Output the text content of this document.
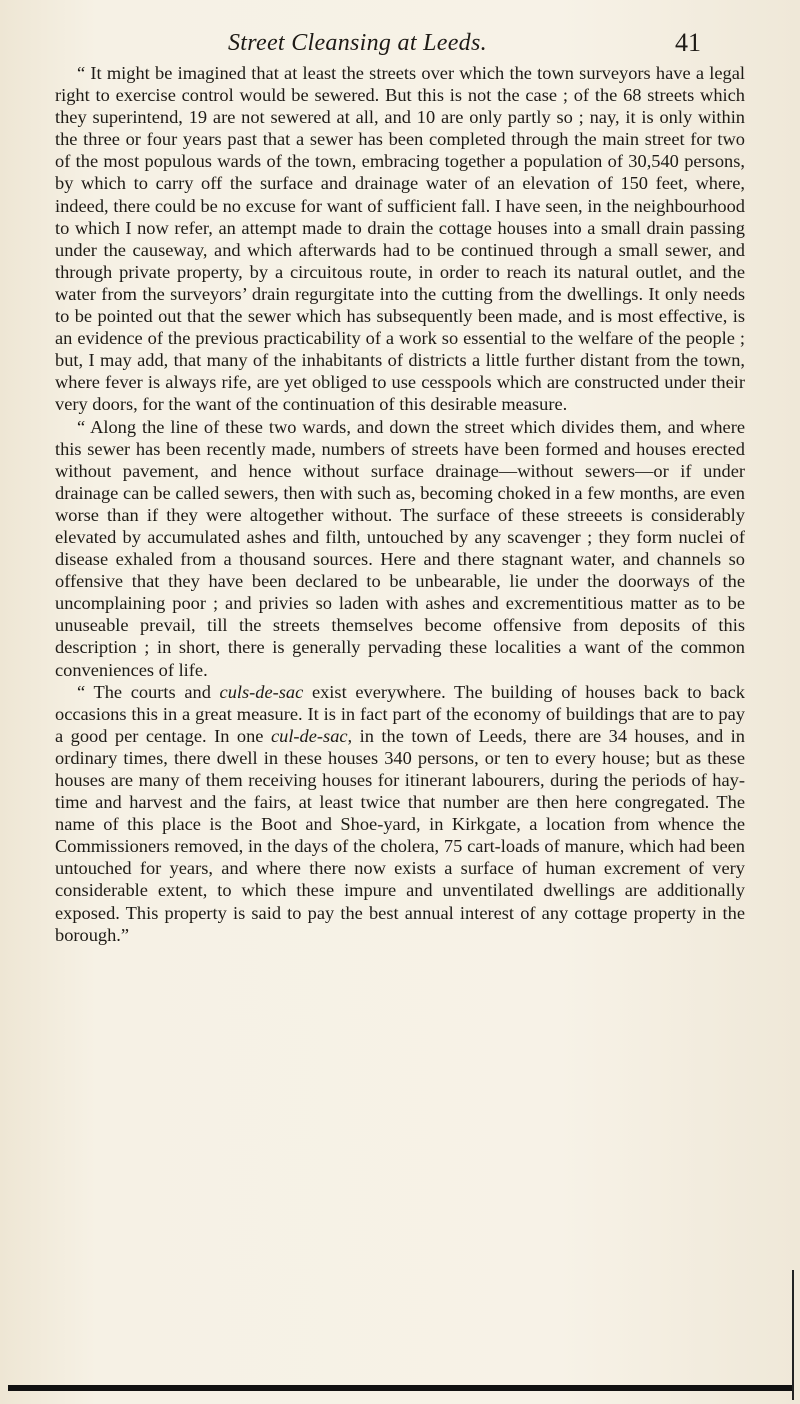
Street Cleansing at Leeds.	41

“ It might be imagined that at least the streets over which the town surveyors have a legal right to exercise control would be sewered. But this is not the case ; of the 68 streets which they superintend, 19 are not sewered at all, and 10 are only partly so ; nay, it is only within the three or four years past that a sewer has been completed through the main street for two of the most populous wards of the town, embracing together a population of 30,540 persons, by which to carry off the surface and drainage water of an elevation of 150 feet, where, indeed, there could be no excuse for want of sufficient fall. I have seen, in the neighbourhood to which I now refer, an attempt made to drain the cottage houses into a small drain passing under the causeway, and which afterwards had to be continued through a small sewer, and through private property, by a circuitous route, in order to reach its natural outlet, and the water from the surveyors’ drain regurgitate into the cutting from the dwellings. It only needs to be pointed out that the sewer which has subsequently been made, and is most effective, is an evidence of the previous practicability of a work so essential to the welfare of the people ; but, I may add, that many of the inhabitants of districts a little further distant from the town, where fever is always rife, are yet obliged to use cesspools which are constructed under their very doors, for the want of the continuation of this desirable measure.

“ Along the line of these two wards, and down the street which divides them, and where this sewer has been recently made, numbers of streets have been formed and houses erected without pavement, and hence without surface drainage—without sewers—or if under drainage can be called sewers, then with such as, becoming choked in a few months, are even worse than if they were altogether without. The surface of these streeets is considerably elevated by accumulated ashes and filth, untouched by any scavenger ; they form nuclei of disease exhaled from a thousand sources. Here and there stagnant water, and channels so offensive that they have been declared to be unbearable, lie under the doorways of the uncomplaining poor ; and privies so laden with ashes and excrementitious matter as to be unuseable prevail, till the streets themselves become offensive from deposits of this description ; in short, there is generally pervading these localities a want of the common conveniences of life.

“ The courts and culs-de-sac exist everywhere. The building of houses back to back occasions this in a great measure. It is in fact part of the economy of buildings that are to pay a good per centage. In one cul-de-sac, in the town of Leeds, there are 34 houses, and in ordinary times, there dwell in these houses 340 persons, or ten to every house; but as these houses are many of them receiving houses for itinerant labourers, during the periods of hay-time and harvest and the fairs, at least twice that number are then here congregated. The name of this place is the Boot and Shoe-yard, in Kirkgate, a location from whence the Commissioners removed, in the days of the cholera, 75 cart-loads of manure, which had been untouched for years, and where there now exists a surface of human excrement of very considerable extent, to which these impure and unventilated dwellings are additionally exposed. This property is said to pay the best annual interest of any cottage property in the borough.”
